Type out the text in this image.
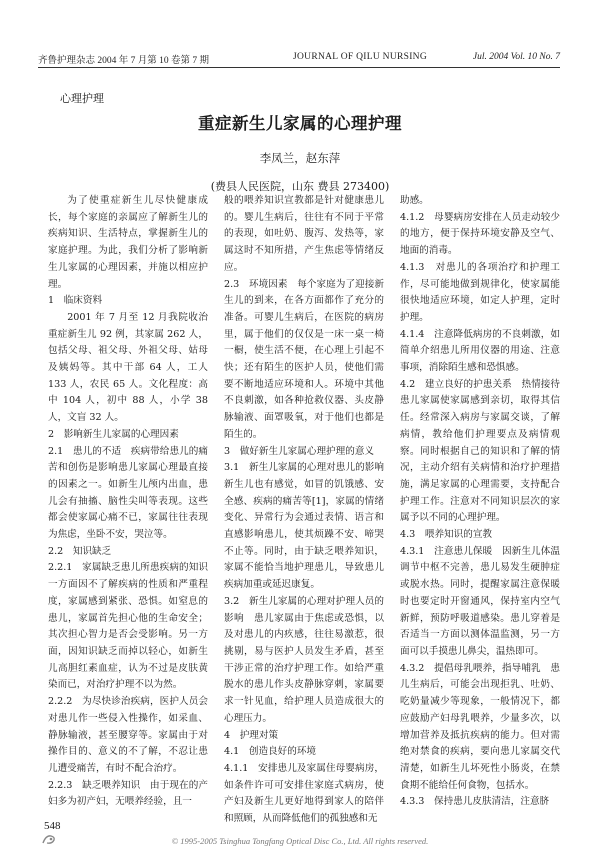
齐鲁护理杂志 2004 年 7 月第 10 卷第 7 期	JOURNAL OF QILU NURSING	Jul. 2004 Vol. 10 No. 7
心理护理
重症新生儿家属的心理护理
李凤兰，赵东萍
(费县人民医院，山东 费县 273400)

为了使重症新生儿尽快健康成长，每个家庭的亲属应了解新生儿的疾病知识、生活特点，掌握新生儿的家庭护理。为此，我们分析了影响新生儿家属的心理因素，并施以相应护理。

1　临床资料

2001 年 7 月至 12 月我院收治重症新生儿 92 例，其家属 262 人，包括父母、祖父母、外祖父母、姑母及姨妈等。其中干部 64 人，工人 133 人，农民 65 人。文化程度：高中 104 人，初中 88 人，小学 38 人，文盲 32 人。

2　影响新生儿家属的心理因素

2.1　患儿的不适　疾病带给患儿的痛苦和创伤是影响患儿家属心理最直接的因素之一。如新生儿颅内出血，患儿会有抽搐、脑性尖叫等表现。这些都会使家属心痛不已，家属往往表现为焦虑，坐卧不安，哭泣等。

2.2　知识缺乏

2.2.1　家属缺乏患儿所患疾病的知识　一方面因不了解疾病的性质和严重程度，家属感到紧张、恐惧。如窒息的患儿，家属首先担心他的生命安全；其次担心智力是否会受影响。另一方面，因知识缺乏而掉以轻心，如新生儿高胆红素血症，认为不过是皮肤黄染而已，对治疗护理不以为然。

2.2.2　为尽快诊治疾病，医护人员会对患儿作一些侵入性操作，如采血、静脉输液，甚至腰穿等。家属由于对操作目的、意义的不了解，不忍让患儿遭受痛苦，有时不配合治疗。

2.2.3　缺乏喂养知识　由于现在的产妇多为初产妇，无喂养经验，且一

般的喂养知识宣教都是针对健康患儿的。婴儿生病后，往往有不同于平常的表现，如吐奶、腹泻、发热等，家属这时不知所措，产生焦虑等情绪反应。

2.3　环境因素　每个家庭为了迎接新生儿的到来，在各方面都作了充分的准备。可婴儿生病后，在医院的病房里，属于他们的仅仅是一床一桌一椅一橱，使生活不便，在心理上引起不快；还有陌生的医护人员，使他们需要不断地适应环境和人。环境中其他不良刺激，如各种抢救仪器、头皮静脉输液、面罩吸氧，对于他们也都是陌生的。

3　做好新生儿家属心理护理的意义

3.1　新生儿家属的心理对患儿的影响　新生儿也有感觉，如冒的饥饿感、安全感、疾病的痛苦等[1]，家属的情绪变化、异常行为会通过表情、语言和直感影响患儿，使其烦躁不安、啼哭不止等。同时，由于缺乏喂养知识，家属不能恰当地护理患儿，导致患儿疾病加重或延迟康复。

3.2　新生儿家属的心理对护理人员的影响　患儿家属由于焦虑或恐惧，以及对患儿的内疚感，往往易激惹，很挑剔，易与医护人员发生矛盾，甚至干涉正常的治疗护理工作。如给严重脱水的患儿作头皮静脉穿刺，家属要求一针见血，给护理人员造成很大的心理压力。

4　护理对策

4.1　创造良好的环境

4.1.1　安排患儿及家属住母婴病房，如条件许可可安排住家庭式病房，使产妇及新生儿更好地得到家人的陪伴和照顾，从而降低他们的孤独感和无

助感。

4.1.2　母婴病房安排在人员走动较少的地方，便于保持环境安静及空气、地面的消毒。

4.1.3　对患儿的各项治疗和护理工作，尽可能地做到规律化，使家属能很快地适应环境，如定人护理，定时护理。

4.1.4　注意降低病房的不良刺激，如简单介绍患儿所用仪器的用途、注意事项，消除陌生感和恐惧感。

4.2　建立良好的护患关系　热情接待患儿家属使家属感到亲切，取得其信任。经常深入病房与家属交谈，了解病情，教给他们护理要点及病情观察。同时根据自己的知识和了解的情况，主动介绍有关病情和治疗护理措施，满足家属的心理需要，支持配合护理工作。注意对不同知识层次的家属予以不同的心理护理。

4.3　喂养知识的宣教

4.3.1　注意患儿保暖　因新生儿体温调节中枢不完善，患儿易发生硬肿症或脱水热。同时，提醒家属注意保暖时也要定时开窗通风，保持室内空气新鲜，预防呼吸道感染。患儿穿着是否适当一方面以测体温监测，另一方面可以手摸患儿鼻尖，温热即可。

4.3.2　提倡母乳喂养，指导哺乳　患儿生病后，可能会出现拒乳、吐奶、吃奶量减少等现象，一般情况下，都应鼓励产妇母乳喂养，少量多次，以增加营养及抵抗疾病的能力。但对需绝对禁食的疾病，要向患儿家属交代清楚，如新生儿坏死性小肠炎，在禁食期不能给任何食物，包括水。

4.3.3　保持患儿皮肤清洁，注意脐

548
© 1995-2005 Tsinghua Tongfang Optical Disc Co., Ltd. All rights reserved.
